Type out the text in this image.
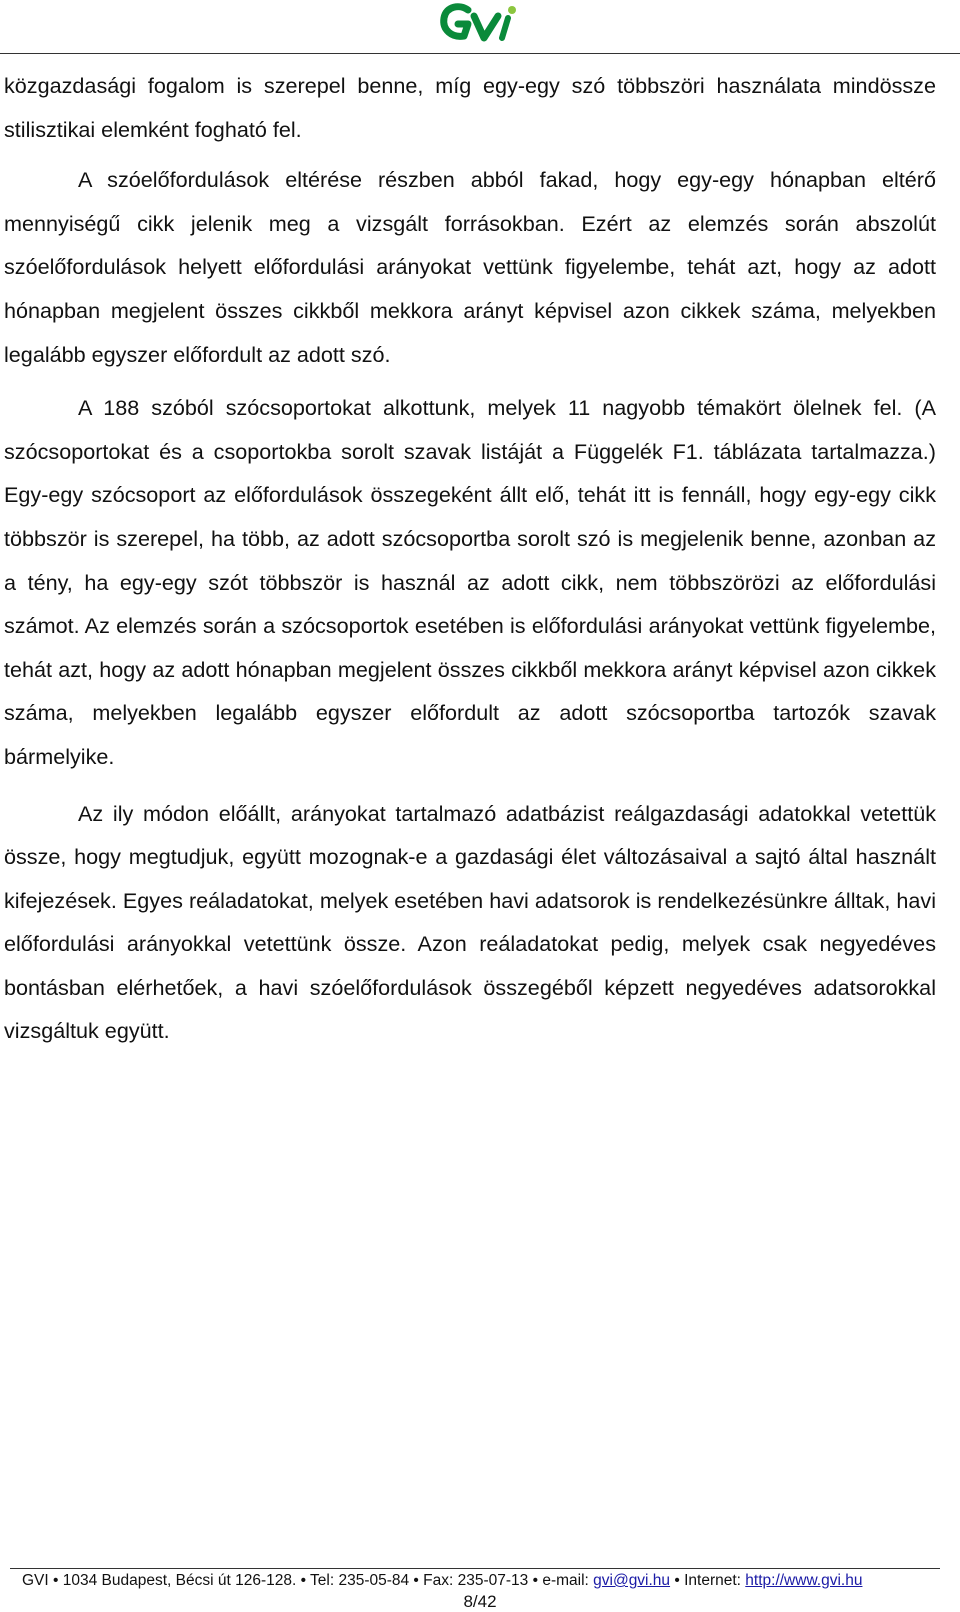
közgazdasági fogalom is szerepel benne, míg egy-egy szó többszöri használata mindössze stilisztikai elemként fogható fel.

A szóelőfordulások eltérése részben abból fakad, hogy egy-egy hónapban eltérő mennyiségű cikk jelenik meg a vizsgált forrásokban. Ezért az elemzés során abszolút szóelőfordulások helyett előfordulási arányokat vettünk figyelembe, tehát azt, hogy az adott hónapban megjelent összes cikkből mekkora arányt képvisel azon cikkek száma, melyekben legalább egyszer előfordult az adott szó.

A 188 szóból szócsoportokat alkottunk, melyek 11 nagyobb témakört ölelnek fel. (A szócsoportokat és a csoportokba sorolt szavak listáját a Függelék F1. táblázata tartalmazza.) Egy-egy szócsoport az előfordulások összegeként állt elő, tehát itt is fennáll, hogy egy-egy cikk többször is szerepel, ha több, az adott szócsoportba sorolt szó is megjelenik benne, azonban az a tény, ha egy-egy szót többször is használ az adott cikk, nem többszörözi az előfordulási számot. Az elemzés során a szócsoportok esetében is előfordulási arányokat vettünk figyelembe, tehát azt, hogy az adott hónapban megjelent összes cikkből mekkora arányt képvisel azon cikkek száma, melyekben legalább egyszer előfordult az adott szócsoportba tartozók szavak bármelyike.

Az ily módon előállt, arányokat tartalmazó adatbázist reálgazdasági adatokkal vetettük össze, hogy megtudjuk, együtt mozognak-e a gazdasági élet változásaival a sajtó által használt kifejezések. Egyes reáladatokat, melyek esetében havi adatsorok is rendelkezésünkre álltak, havi előfordulási arányokkal vetettünk össze. Azon reáladatokat pedig, melyek csak negyedéves bontásban elérhetőek, a havi szóelőfordulások összegéből képzett negyedéves adatsorokkal vizsgáltuk együtt.

GVI • 1034 Budapest, Bécsi út 126-128. • Tel: 235-05-84 • Fax: 235-07-13 • e-mail: gvi@gvi.hu • Internet: http://www.gvi.hu
8/42
